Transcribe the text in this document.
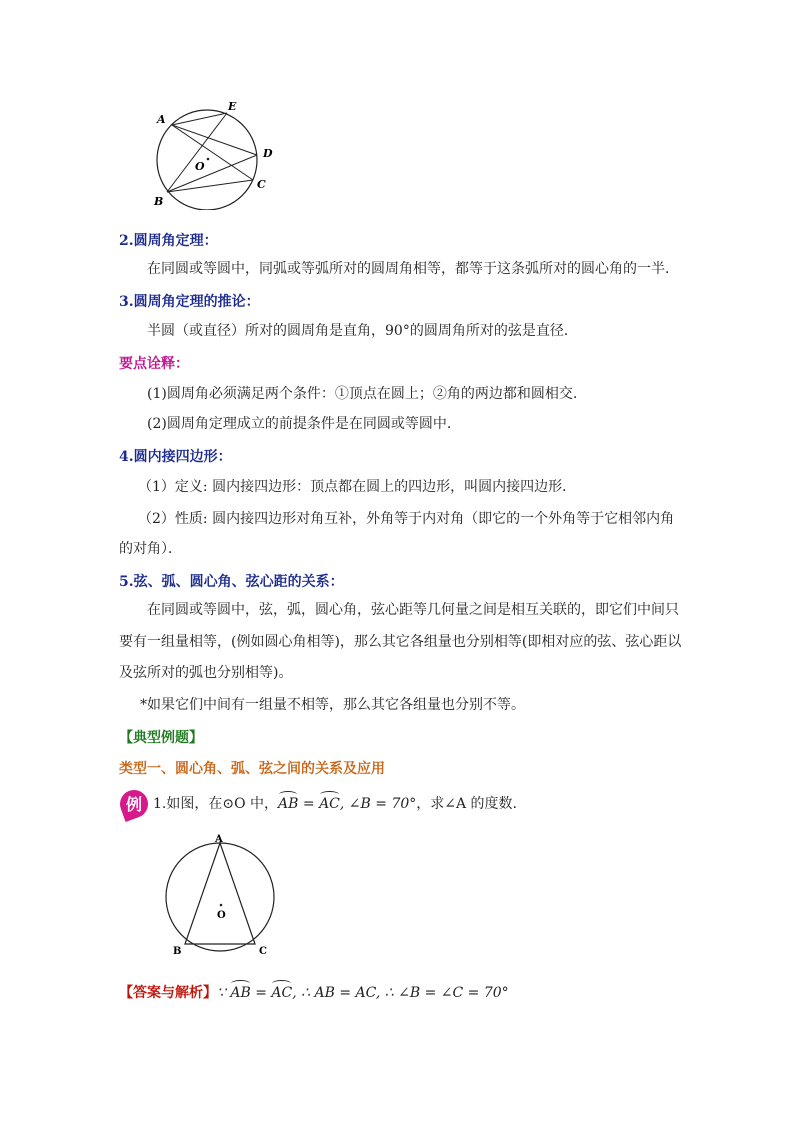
A
E
D
O
C
B
2.圆周角定理：
在同圆或等圆中，同弧或等弧所对的圆周角相等，都等于这条弧所对的圆心角的一半．
3.圆周角定理的推论：
半圆（或直径）所对的圆周角是直角，90°的圆周角所对的弦是直径．
要点诠释：
(1)圆周角必须满足两个条件：①顶点在圆上；②角的两边都和圆相交.
(2)圆周角定理成立的前提条件是在同圆或等圆中.
4.圆内接四边形：
（1）定义: 圆内接四边形：顶点都在圆上的四边形，叫圆内接四边形．
（2）性质: 圆内接四边形对角互补，外角等于内对角（即它的一个外角等于它相邻内角
的对角）．
5.弦、弧、圆心角、弦心距的关系：
在同圆或等圆中，弦，弧，圆心角，弦心距等几何量之间是相互关联的，即它们中间只
要有一组量相等，(例如圆心角相等)，那么其它各组量也分别相等(即相对应的弦、弦心距以
及弦所对的弧也分别相等)。
*如果它们中间有一组量不相等，那么其它各组量也分别不等。
【典型例题】
类型一、圆心角、弧、弦之间的关系及应用
例 1.如图，在⊙O 中，AB = AC, ∠B = 70°，求∠A 的度数.
A
O
B	C
【答案与解析】∵ AB = AC, ∴ AB = AC, ∴ ∠B = ∠C = 70°
